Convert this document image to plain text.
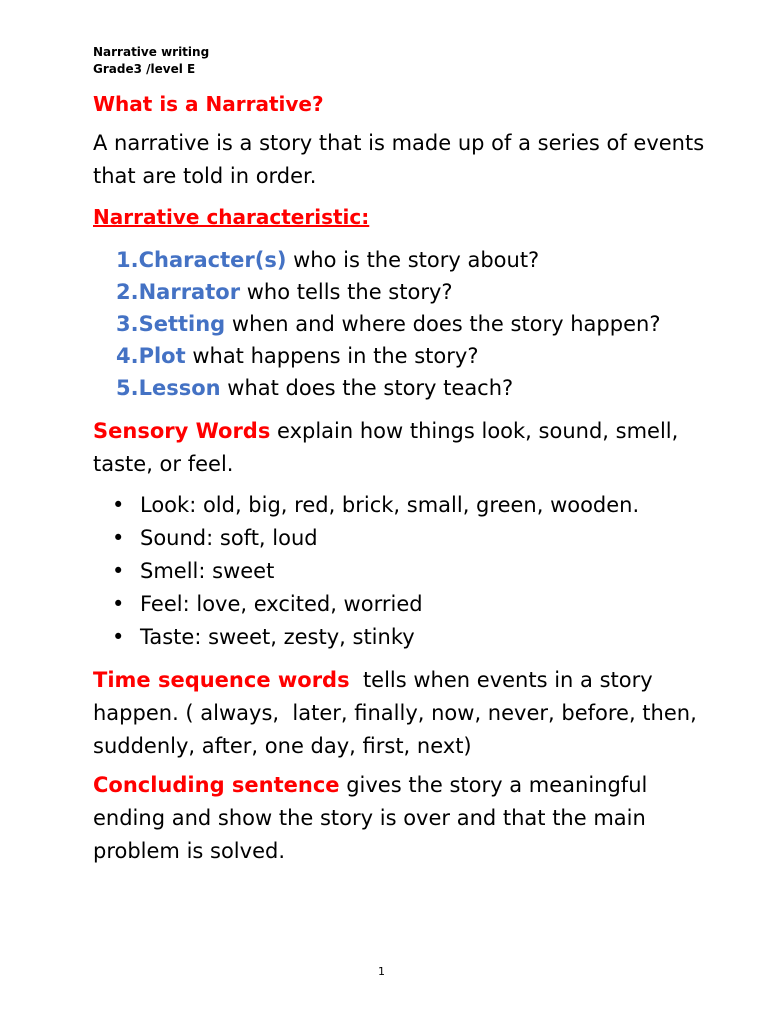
Narrative writing
Grade3 /level E

What is a Narrative?

A narrative is a story that is made up of a series of events that are told in order.

Narrative characteristic:

1.Character(s) who is the story about?
2.Narrator who tells the story?
3.Setting when and where does the story happen?
4.Plot what happens in the story?
5.Lesson what does the story teach?

Sensory Words explain how things look, sound, smell, taste, or feel.

• Look: old, big, red, brick, small, green, wooden.
• Sound: soft, loud
• Smell: sweet
• Feel: love, excited, worried
• Taste: sweet, zesty, stinky

Time sequence words  tells when events in a story happen. ( always,  later, finally, now, never, before, then, suddenly, after, one day, first, next)

Concluding sentence gives the story a meaningful ending and show the story is over and that the main problem is solved.

1
